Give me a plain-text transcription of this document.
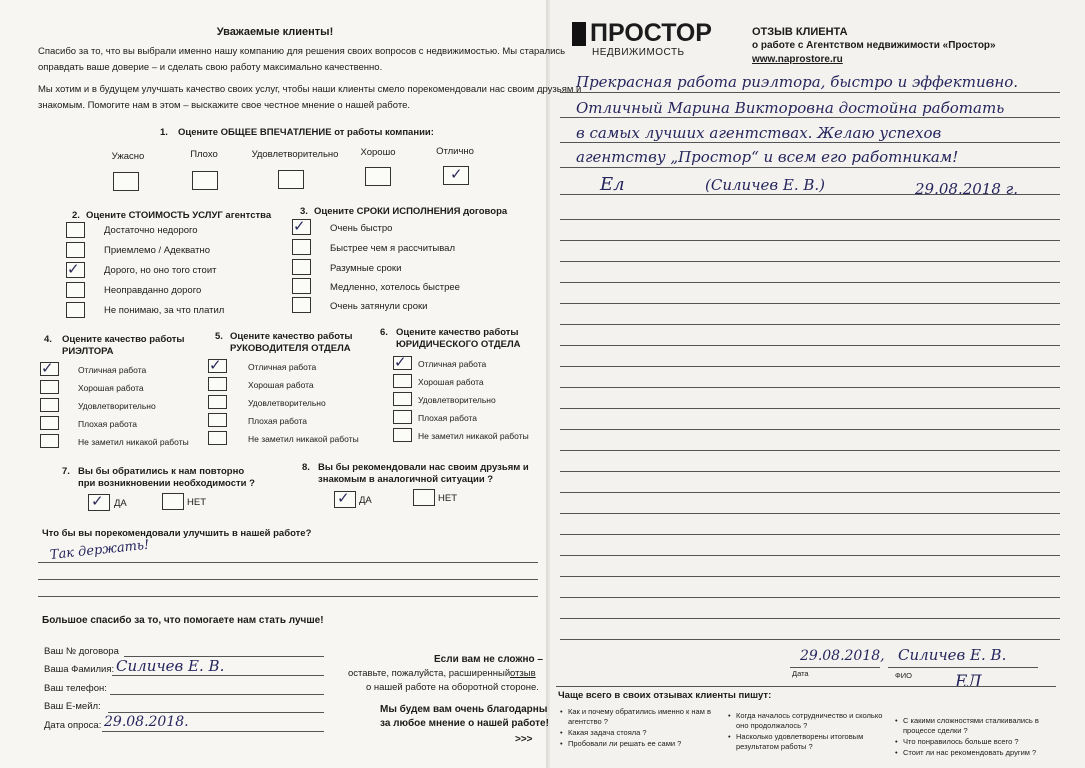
Уважаемые клиенты!
Спасибо за то, что вы выбрали именно нашу компанию для решения своих вопросов с недвижимостью. Мы старались
оправдать ваше доверие – и сделать свою работу максимально качественно.
Мы хотим и в будущем улучшать качество своих услуг, чтобы наши клиенты смело порекомендовали нас своим друзьям и
знакомым. Помогите нам в этом – выскажите свое честное мнение о нашей работе.
1. Оцените ОБЩЕЕ ВПЕЧАТЛЕНИЕ от работы компании:
Ужасно	Плохо	Удовлетворительно	Хорошо	Отлично
✓
2. Оцените СТОИМОСТЬ УСЛУГ агентства
Достаточно недорого
Приемлемо / Адекватно
✓	Дорого, но оно того стоит
Неоправданно дорого
Не понимаю, за что платил
3. Оцените СРОКИ ИСПОЛНЕНИЯ договора
✓	Очень быстро
Быстрее чем я рассчитывал
Разумные сроки
Медленно, хотелось быстрее
Очень затянули сроки
4. Оцените качество работы
РИЭЛТОРА
✓	Отличная работа
Хорошая работа
Удовлетворительно
Плохая работа
Не заметил никакой работы
5. Оцените качество работы
РУКОВОДИТЕЛЯ ОТДЕЛА
✓	Отличная работа
Хорошая работа
Удовлетворительно
Плохая работа
Не заметил никакой работы
6. Оцените качество работы
ЮРИДИЧЕСКОГО ОТДЕЛА
✓ Отличная работа
Хорошая работа
Удовлетворительно
Плохая работа
Не заметил никакой работы
7. Вы бы обратились к нам повторно
при возникновении необходимости ?
✓ ДА	НЕТ
8. Вы бы рекомендовали нас своим друзьям и
знакомым в аналогичной ситуации ?
✓ ДА	НЕТ
Что бы вы порекомендовали улучшить в нашей работе?
Так держать!
Большое спасибо за то, что помогаете нам стать лучше!
Ваш № договора
Ваша Фамилия: Силичев Е. В.
Ваш телефон:
Ваш Е-мейл:
Дата опроса: 29.08.2018.
Если вам не сложно –
оставьте, пожалуйста, расширенный отзыв
о нашей работе на оборотной стороне.
Мы будем вам очень благодарны
за любое мнение о нашей работе!
>>>
ПРОСТОР
НЕДВИЖИМОСТЬ
ОТЗЫВ КЛИЕНТА
о работе с Агентством недвижимости «Простор»
www.naprostore.ru
Прекрасная работа риэлтора, быстро и эффективно.
Отличный Марина Викторовна достойна работать
в самых лучших агентствах. Желаю успехов
агентству „Простор“ и всем его работникам!
Ел	(Силичев Е. В.)	29.08.2018 г.
29.08.2018, Силичев Е. В.
Дата	ФИО	ЕЛ
Чаще всего в своих отзывах клиенты пишут:
• Как и почему обратились именно к нам в
агентство ?
• Какая задача стояла ?
• Пробовали ли решать ее сами ?
• Когда началось сотрудничество и сколько
оно продолжалось ?
• Насколько удовлетворены итоговым
результатом работы ?
• С какими сложностями сталкивались в
процессе сделки ?
• Что понравилось больше всего ?
• Стоит ли нас рекомендовать другим ?
